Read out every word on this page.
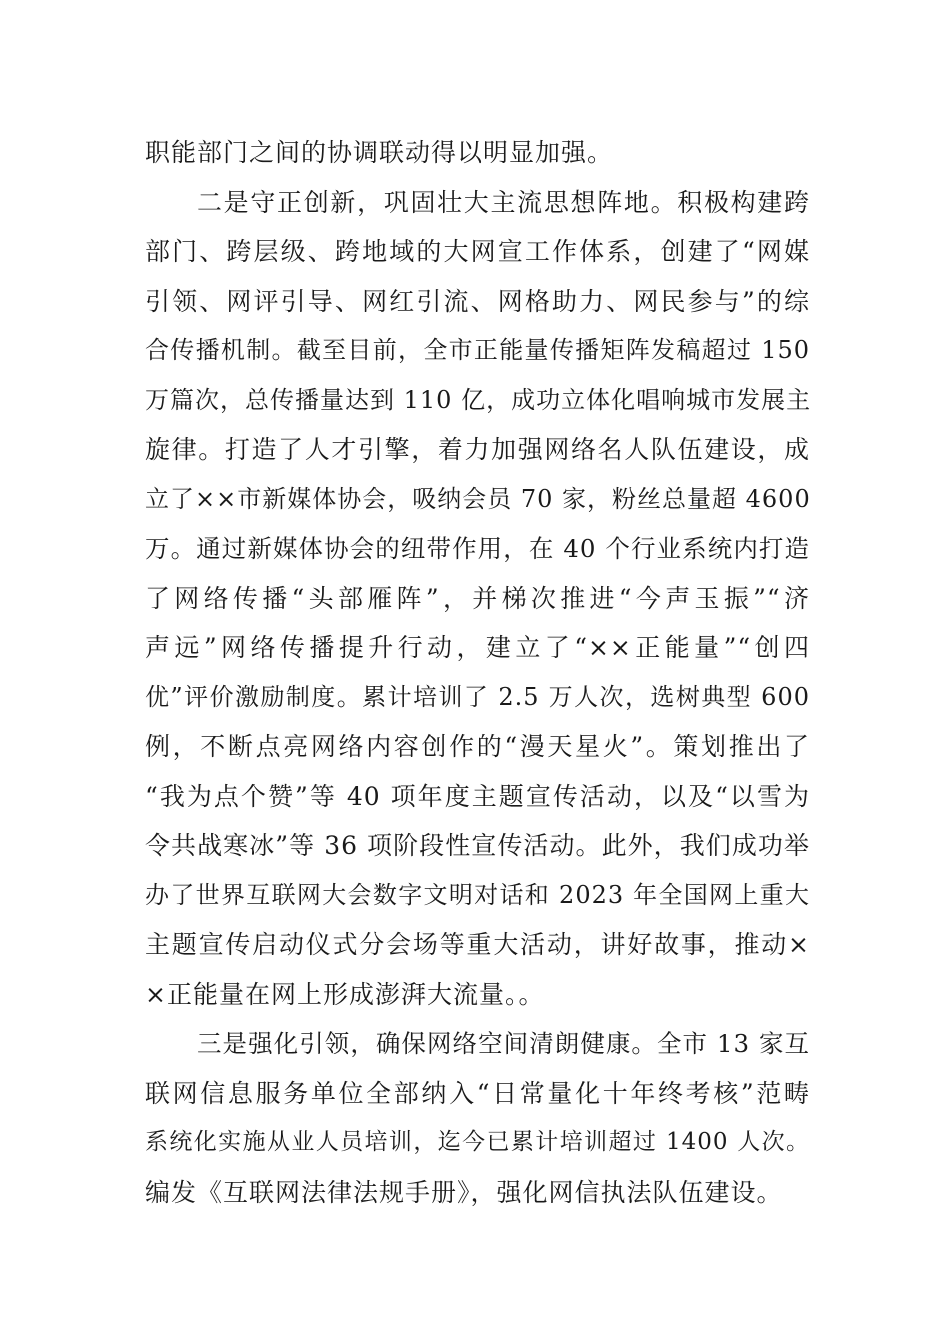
职能部门之间的协调联动得以明显加强。
二是守正创新，巩固壮大主流思想阵地。积极构建跨
部门、跨层级、跨地域的大网宣工作体系，创建了“网媒
引领、网评引导、网红引流、网格助力、网民参与”的综
合传播机制。截至目前，全市正能量传播矩阵发稿超过 150
万篇次，总传播量达到 110 亿，成功立体化唱响城市发展主
旋律。打造了人才引擎，着力加强网络名人队伍建设，成
立了××市新媒体协会，吸纳会员 70 家，粉丝总量超 4600
万。通过新媒体协会的纽带作用，在 40 个行业系统内打造
了网络传播“头部雁阵”，并梯次推进“今声玉振”“济
声远”网络传播提升行动，建立了“××正能量”“创四
优”评价激励制度。累计培训了 2.5 万人次，选树典型 600
例，不断点亮网络内容创作的“漫天星火”。策划推出了
“我为点个赞”等 40 项年度主题宣传活动，以及“以雪为
令共战寒冰”等 36 项阶段性宣传活动。此外，我们成功举
办了世界互联网大会数字文明对话和 2023 年全国网上重大
主题宣传启动仪式分会场等重大活动，讲好故事，推动×
×正能量在网上形成澎湃大流量。。
三是强化引领，确保网络空间清朗健康。全市 13 家互
联网信息服务单位全部纳入“日常量化十年终考核”范畴
系统化实施从业人员培训，迄今已累计培训超过 1400 人次。
编发《互联网法律法规手册》，强化网信执法队伍建设。
